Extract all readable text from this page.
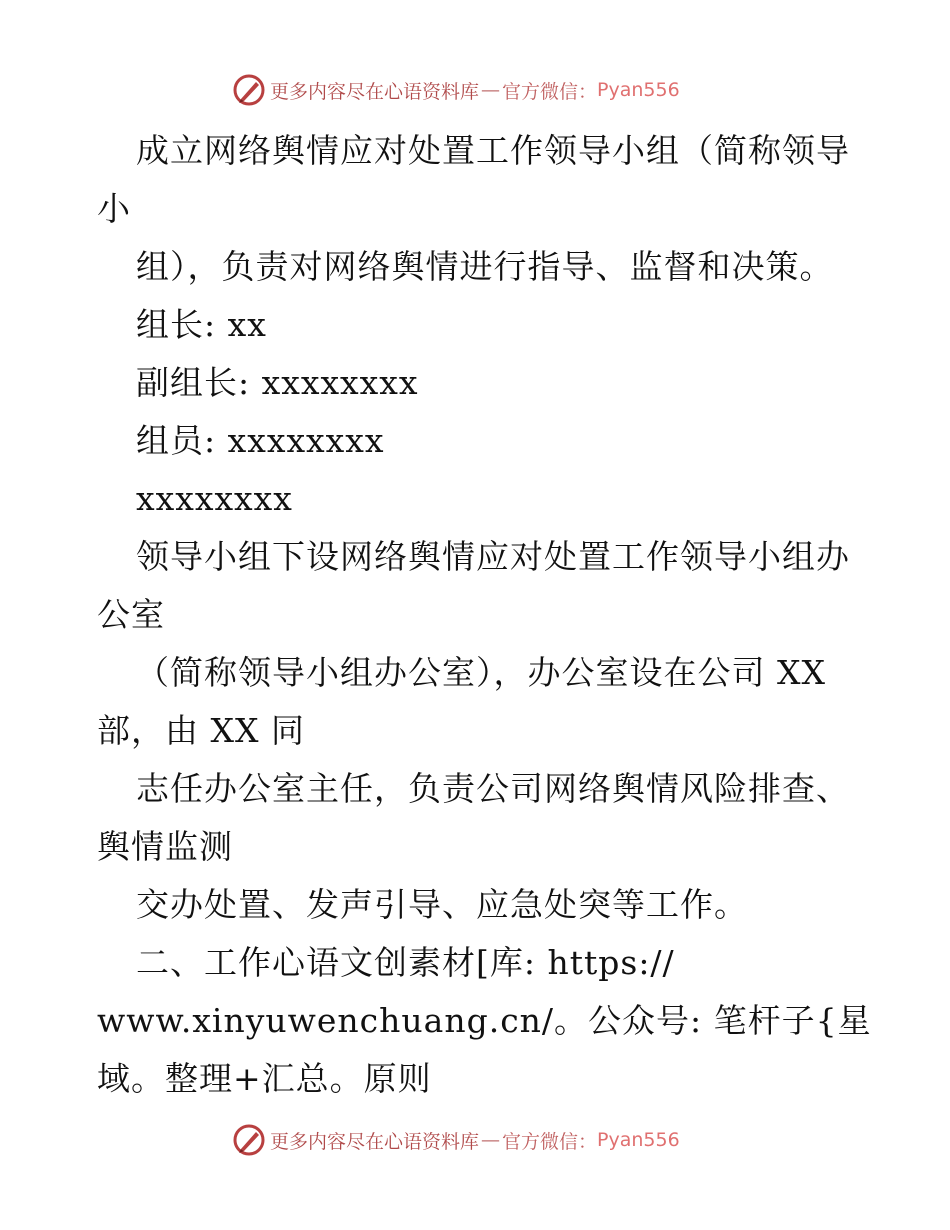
更多内容尽在心语资料库 — 官方微信： Pyan556
成立网络舆情应对处置工作领导小组（简称领导
小
组），负责对网络舆情进行指导、监督和决策。
组长: xx
副组长: xxxxxxxx
组员: xxxxxxxx
xxxxxxxx
领导小组下设网络舆情应对处置工作领导小组办
公室
（简称领导小组办公室），办公室设在公司 XX
部，由 XX 同
志任办公室主任，负责公司网络舆情风险排查、
舆情监测
交办处置、发声引导、应急处突等工作。
二、工作心语文创素材[库: https://
www.xinyuwenchuang.cn/。公众号: 笔杆子{星
域。整理+汇总。原则
更多内容尽在心语资料库 — 官方微信： Pyan556
